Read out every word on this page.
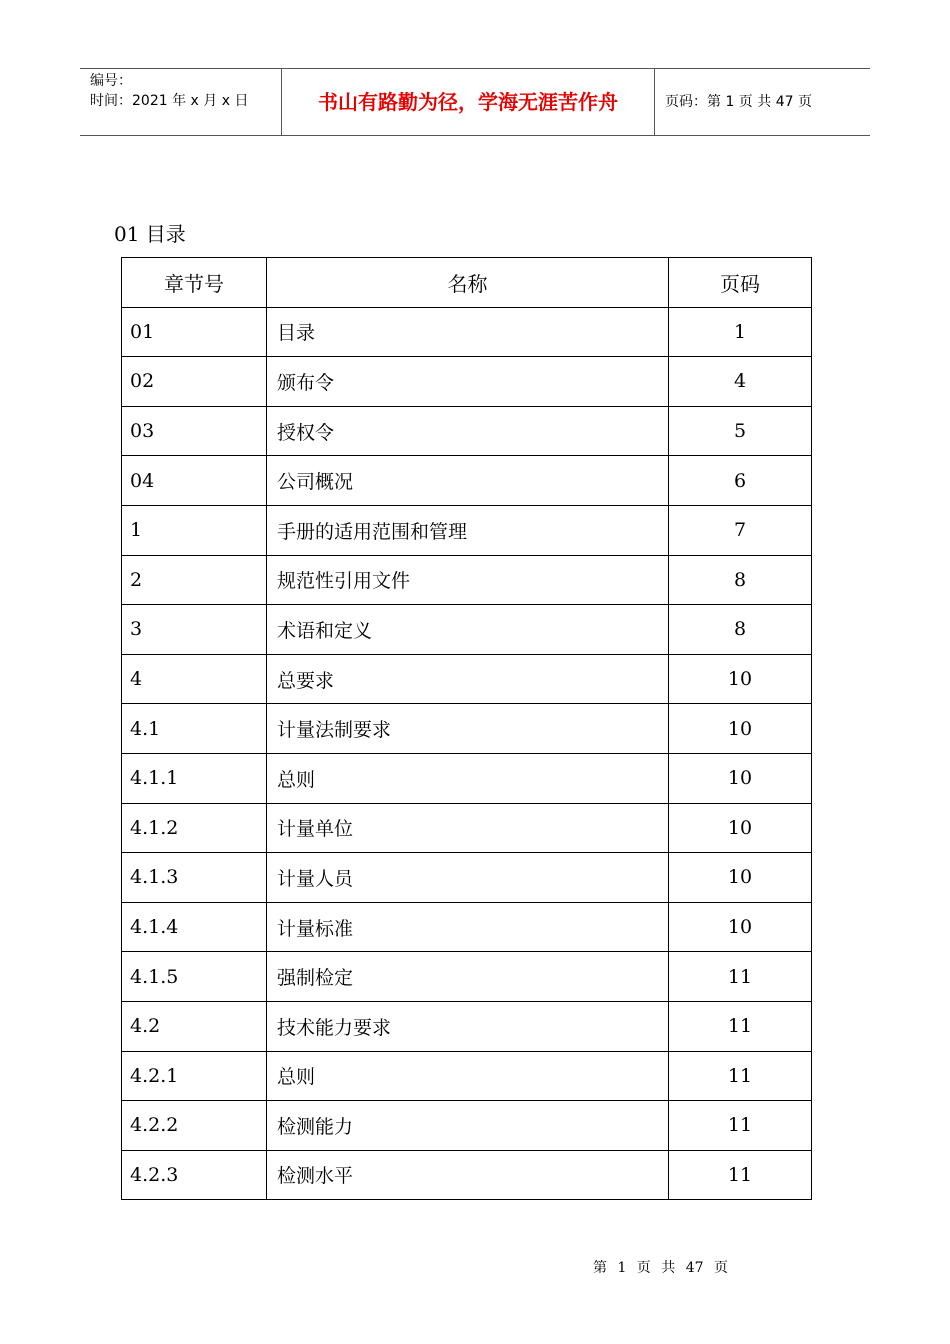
编号：
时间：2021 年 x 月 x 日	书山有路勤为径，学海无涯苦作舟	页码：第 1 页 共 47 页
01 目录
章节号	名称	页码
01	目录	1
02	颁布令	4
03	授权令	5
04	公司概况	6
1	手册的适用范围和管理	7
2	规范性引用文件	8
3	术语和定义	8
4	总要求	10
4.1	计量法制要求	10
4.1.1	总则	10
4.1.2	计量单位	10
4.1.3	计量人员	10
4.1.4	计量标准	10
4.1.5	强制检定	11
4.2	技术能力要求	11
4.2.1	总则	11
4.2.2	检测能力	11
4.2.3	检测水平	11
第 1 页 共 47 页
